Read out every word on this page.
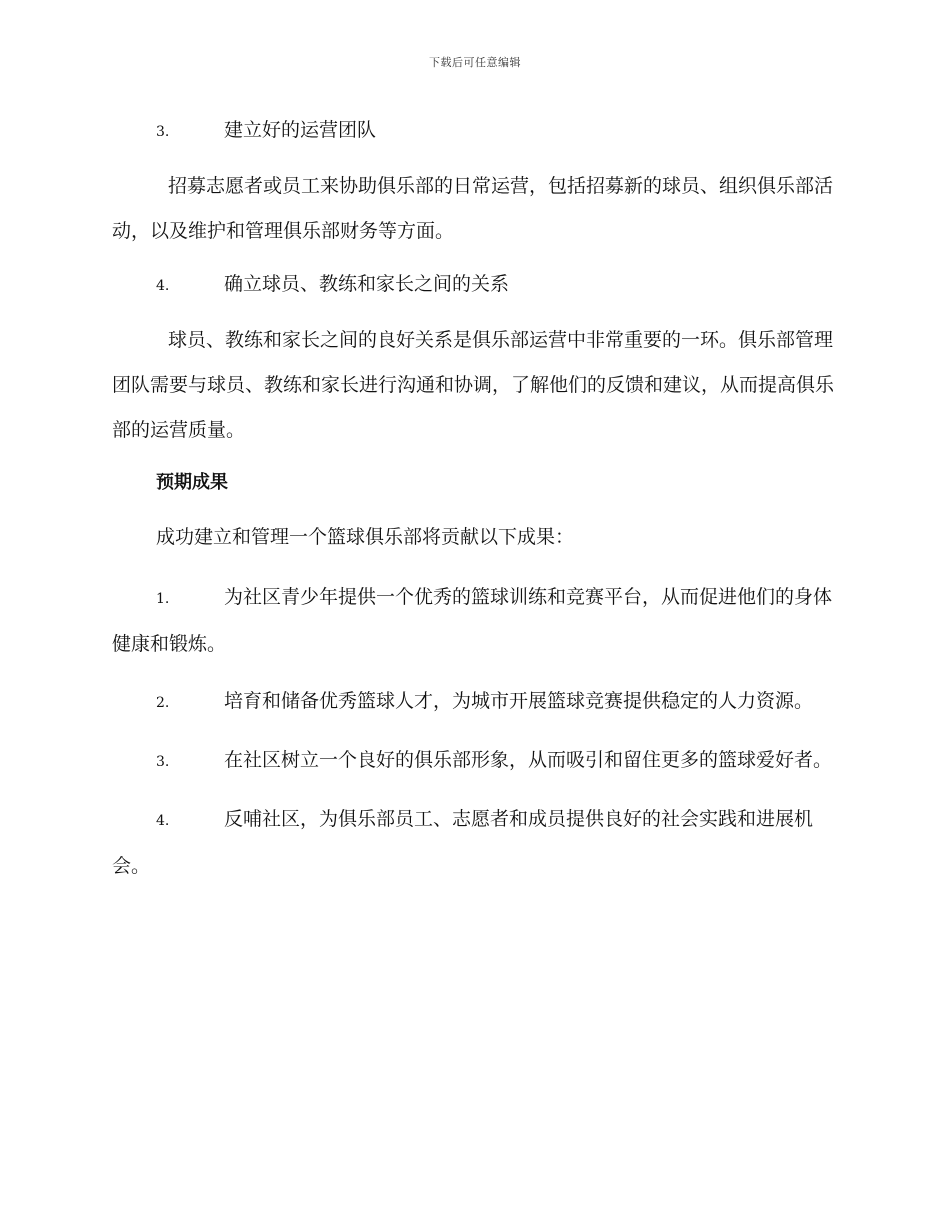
下载后可任意编辑
3.	建立好的运营团队
招募志愿者或员工来协助俱乐部的日常运营，包括招募新的球员、组织俱乐部活动，以及维护和管理俱乐部财务等方面。
4.	确立球员、教练和家长之间的关系
球员、教练和家长之间的良好关系是俱乐部运营中非常重要的一环。俱乐部管理团队需要与球员、教练和家长进行沟通和协调，了解他们的反馈和建议，从而提高俱乐部的运营质量。
预期成果
成功建立和管理一个篮球俱乐部将贡献以下成果：
1.	为社区青少年提供一个优秀的篮球训练和竞赛平台，从而促进他们的身体健康和锻炼。
2.	培育和储备优秀篮球人才，为城市开展篮球竞赛提供稳定的人力资源。
3.	在社区树立一个良好的俱乐部形象，从而吸引和留住更多的篮球爱好者。
4.	反哺社区，为俱乐部员工、志愿者和成员提供良好的社会实践和进展机会。
